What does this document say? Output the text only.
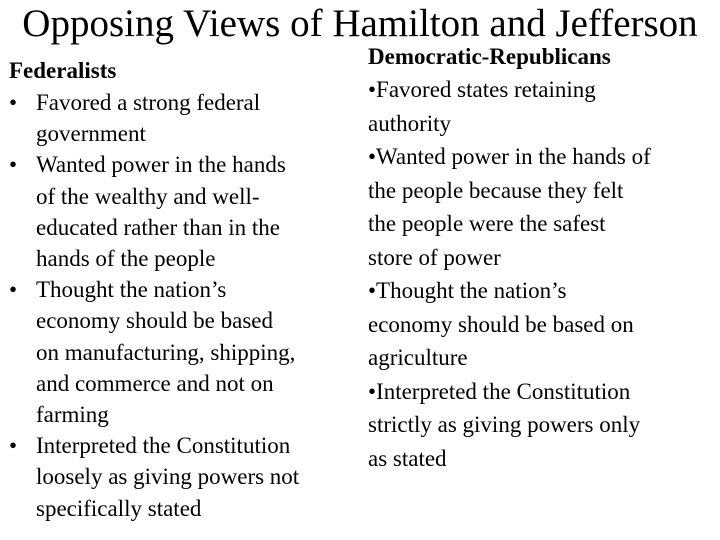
Opposing Views of Hamilton and Jefferson
Federalists
• Favored a strong federal
government
• Wanted power in the hands
of the wealthy and well-
educated rather than in the
hands of the people
• Thought the nation’s
economy should be based
on manufacturing, shipping,
and commerce and not on
farming
• Interpreted the Constitution
loosely as giving powers not
specifically stated
Democratic-Republicans
•Favored states retaining
authority
•Wanted power in the hands of
the people because they felt
the people were the safest
store of power
•Thought the nation’s
economy should be based on
agriculture
•Interpreted the Constitution
strictly as giving powers only
as stated
